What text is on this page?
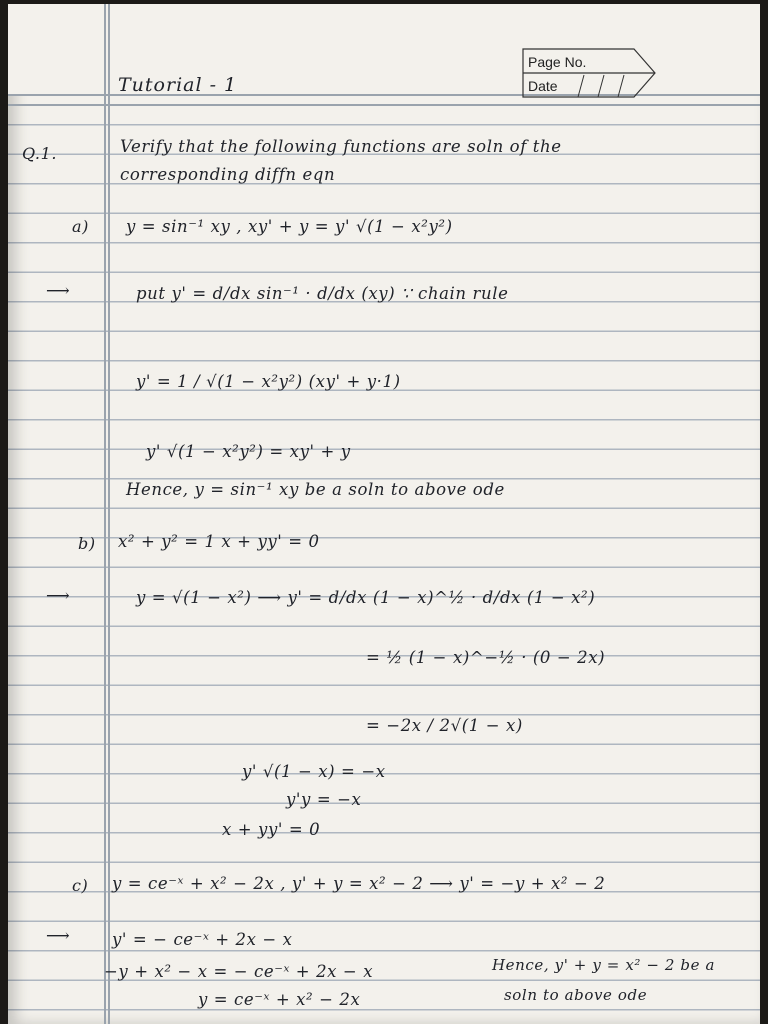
Page No.
Date
Tutorial - 1
Q.1.	Verify that the following functions are soln of the
corresponding diffn eqn
a) y = sin⁻¹ xy , xy' + y = y' √(1 − x²y²)
⟶	put y' = d/dx sin⁻¹ · d/dx (xy) ∵ chain rule
y' = 1 / √(1 − x²y²) (xy' + y·1)
y' √(1 − x²y²) = xy' + y
Hence, y = sin⁻¹ xy be a soln to above ode
b) x² + y² = 1 x + yy' = 0
⟶	y = √(1 − x²) ⟶ y' = d/dx (1 − x)^½ · d/dx (1 − x²)
= ½ (1 − x)^−½ · (0 − 2x)
= −2x / 2√(1 − x)
y' √(1 − x) = −x
y'y = −x
x + yy' = 0
c) y = ce⁻ˣ + x² − 2x , y' + y = x² − 2 ⟶ y' = −y + x² − 2
⟶	y' = − ce⁻ˣ + 2x − x
−y + x² − x = − ce⁻ˣ + 2x − x
y = ce⁻ˣ + x² − 2x
Hence, y' + y = x² − 2 be a
soln to above ode
